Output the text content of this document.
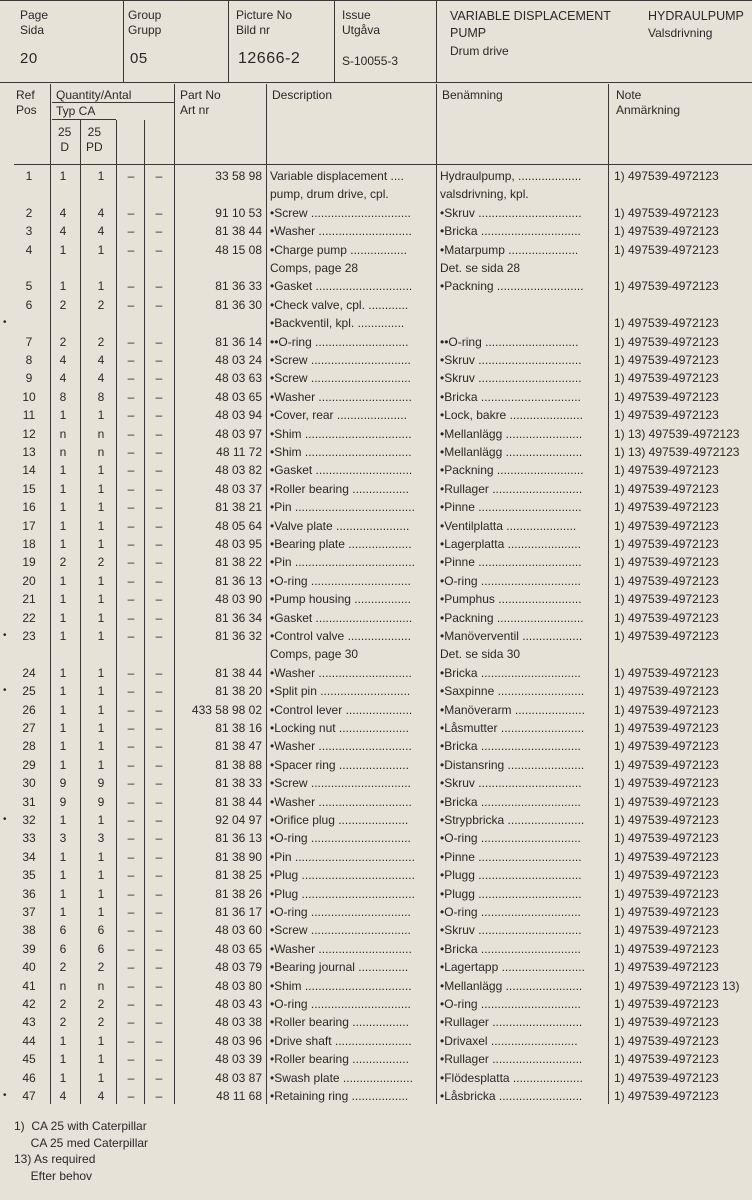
Page
Sida
20
Group
Grupp
05
Picture No
Bild nr
12666-2
Issue
Utgåva
S-10055-3
VARIABLE DISPLACEMENT
PUMP
Drum drive
HYDRAULPUMP
Valsdrivning
Ref
Pos
Quantity/Antal
Typ CA
25
D
25
PD
Part No
Art nr
Description	Benämning	Note
Anmärkning
1	1	1	–	–	33 58 98 Variable displacement ....	Hydraulpump, ...................	1) 497539-4972123
pump, drum drive, cpl.	valsdrivning, kpl.
2	4	4	–	–	91 10 53 •Screw ..............................	•Skruv ...............................	1) 497539-4972123
3	4	4	–	–	81 38 44 •Washer ............................	•Bricka ..............................	1) 497539-4972123
4	1	1	–	–	48 15 08 •Charge pump .................	•Matarpump .....................	1) 497539-4972123
Comps, page 28	Det. se sida 28
5	1	1	–	–	81 36 33 •Gasket .............................	•Packning ..........................	1) 497539-4972123
6	2	2	–	–	81 36 30 •Check valve, cpl. ............
•Backventil, kpl. ..............	1) 497539-4972123
•
7	2	2	–	–	81 36 14 ••O-ring ............................	••O-ring ............................	1) 497539-4972123
8	4	4	–	–	48 03 24 •Screw ..............................	•Skruv ...............................	1) 497539-4972123
9	4	4	–	–	48 03 63 •Screw ..............................	•Skruv ...............................	1) 497539-4972123
10	8	8	–	–	48 03 65 •Washer ............................	•Bricka ..............................	1) 497539-4972123
11	1	1	–	–	48 03 94 •Cover, rear .....................	•Lock, bakre ......................	1) 497539-4972123
12	n	n	–	–	48 03 97 •Shim ................................	•Mellanlägg .......................	1) 13) 497539-4972123
13	n	n	–	–	48 11 72 •Shim ................................	•Mellanlägg .......................	1) 13) 497539-4972123
14	1	1	–	–	48 03 82 •Gasket .............................	•Packning ..........................	1) 497539-4972123
15	1	1	–	–	48 03 37 •Roller bearing .................	•Rullager ...........................	1) 497539-4972123
16	1	1	–	–	81 38 21 •Pin ....................................	•Pinne ...............................	1) 497539-4972123
17	1	1	–	–	48 05 64 •Valve plate ......................	•Ventilplatta .....................	1) 497539-4972123
18	1	1	–	–	48 03 95 •Bearing plate ...................	•Lagerplatta ......................	1) 497539-4972123
19	2	2	–	–	81 38 22 •Pin ....................................	•Pinne ...............................	1) 497539-4972123
20	1	1	–	–	81 36 13 •O-ring ..............................	•O-ring ..............................	1) 497539-4972123
21	1	1	–	–	48 03 90 •Pump housing .................	•Pumphus .........................	1) 497539-4972123
22	1	1	–	–	81 36 34 •Gasket .............................	•Packning ..........................	1) 497539-4972123
23	1	1	–	–	81 36 32 •Control valve ...................	•Manöverventil ..................	1) 497539-4972123
•
Comps, page 30	Det. se sida 30
24	1	1	–	–	81 38 44 •Washer ............................	•Bricka ..............................	1) 497539-4972123
25	1	1	–	–	81 38 20 •Split pin ...........................	•Saxpinne ..........................	1) 497539-4972123
•
26	1	1	–	–	433 58 98 02 •Control lever ....................	•Manöverarm .....................	1) 497539-4972123
27	1	1	–	–	81 38 16 •Locking nut .....................	•Låsmutter .........................	1) 497539-4972123
28	1	1	–	–	81 38 47 •Washer ............................	•Bricka ..............................	1) 497539-4972123
29	1	1	–	–	81 38 88 •Spacer ring .....................	•Distansring .......................	1) 497539-4972123
30	9	9	–	–	81 38 33 •Screw ..............................	•Skruv ...............................	1) 497539-4972123
31	9	9	–	–	81 38 44 •Washer ............................	•Bricka ..............................	1) 497539-4972123
32	1	1	–	–	92 04 97 •Orifice plug .....................	•Strypbricka .......................	1) 497539-4972123
•
33	3	3	–	–	81 36 13 •O-ring ..............................	•O-ring ..............................	1) 497539-4972123
34	1	1	–	–	81 38 90 •Pin ....................................	•Pinne ...............................	1) 497539-4972123
35	1	1	–	–	81 38 25 •Plug ..................................	•Plugg ...............................	1) 497539-4972123
36	1	1	–	–	81 38 26 •Plug ..................................	•Plugg ...............................	1) 497539-4972123
37	1	1	–	–	81 36 17 •O-ring ..............................	•O-ring ..............................	1) 497539-4972123
38	6	6	–	–	48 03 60 •Screw ..............................	•Skruv ...............................	1) 497539-4972123
39	6	6	–	–	48 03 65 •Washer ............................	•Bricka ..............................	1) 497539-4972123
40	2	2	–	–	48 03 79 •Bearing journal ...............	•Lagertapp .........................	1) 497539-4972123
41	n	n	–	–	48 03 80 •Shim ................................	•Mellanlägg .......................	1) 497539-4972123 13)
42	2	2	–	–	48 03 43 •O-ring ..............................	•O-ring ..............................	1) 497539-4972123
43	2	2	–	–	48 03 38 •Roller bearing .................	•Rullager ...........................	1) 497539-4972123
44	1	1	–	–	48 03 96 •Drive shaft .......................	•Drivaxel ..........................	1) 497539-4972123
45	1	1	–	–	48 03 39 •Roller bearing .................	•Rullager ...........................	1) 497539-4972123
46	1	1	–	–	48 03 87 •Swash plate .....................	•Flödesplatta .....................	1) 497539-4972123
47	4	4	–	–	48 11 68 •Retaining ring .................	•Låsbricka .........................	1) 497539-4972123
•
1)  CA 25 with Caterpillar
CA 25 med Caterpillar
13) As required
Efter behov
